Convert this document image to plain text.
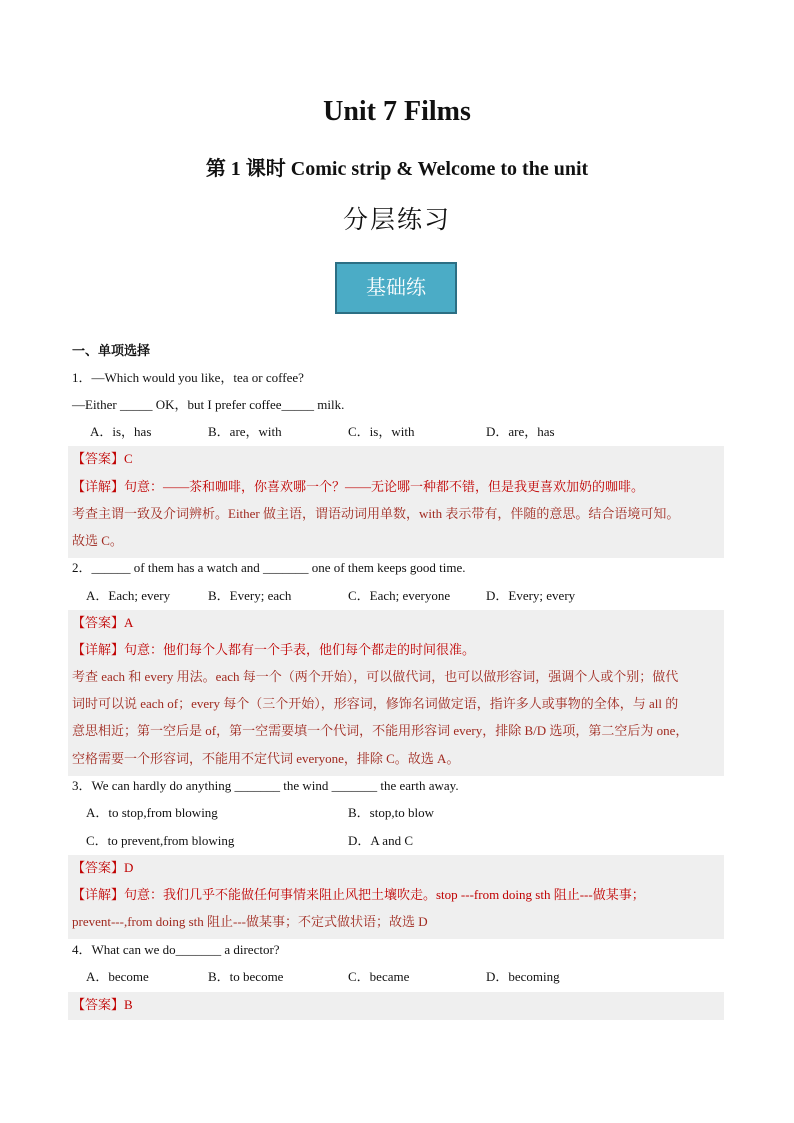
Unit 7 Films
第 1 课时 Comic strip & Welcome to the unit
分层练习
基础练
一、单项选择
1．—Which would you like，tea or coffee?
—Either _____ OK，but I prefer coffee_____ milk.
A．is，has	B．are，with	C．is，with	D．are，has
【答案】C
【详解】句意：——茶和咖啡，你喜欢哪一个？——无论哪一种都不错，但是我更喜欢加奶的咖啡。
考查主谓一致及介词辨析。Either 做主语，谓语动词用单数，with 表示带有，伴随的意思。结合语境可知。
故选 C。
2．______ of them has a watch and _______ one of them keeps good time.
A．Each; every	B．Every; each	C．Each; everyone	D．Every; every
【答案】A
【详解】句意：他们每个人都有一个手表，他们每个都走的时间很准。
考查 each 和 every 用法。each 每一个（两个开始），可以做代词，也可以做形容词，强调个人或个别；做代
词时可以说 each of；every 每个（三个开始），形容词，修饰名词做定语，指许多人或事物的全体，与 all 的
意思相近；第一空后是 of，第一空需要填一个代词，不能用形容词 every，排除 B/D 选项，第二空后为 one，
空格需要一个形容词，不能用不定代词 everyone，排除 C。故选 A。
3．We can hardly do anything _______ the wind _______ the earth away.
A．to stop,from blowing	B．stop,to blow
C．to prevent,from blowing	D．A and C
【答案】D
【详解】句意：我们几乎不能做任何事情来阻止风把土壤吹走。stop ---from doing sth 阻止---做某事；
prevent---,from doing sth 阻止---做某事；不定式做状语；故选 D
4．What can we do_______ a director?
A．become	B．to become	C．became	D．becoming
【答案】B
